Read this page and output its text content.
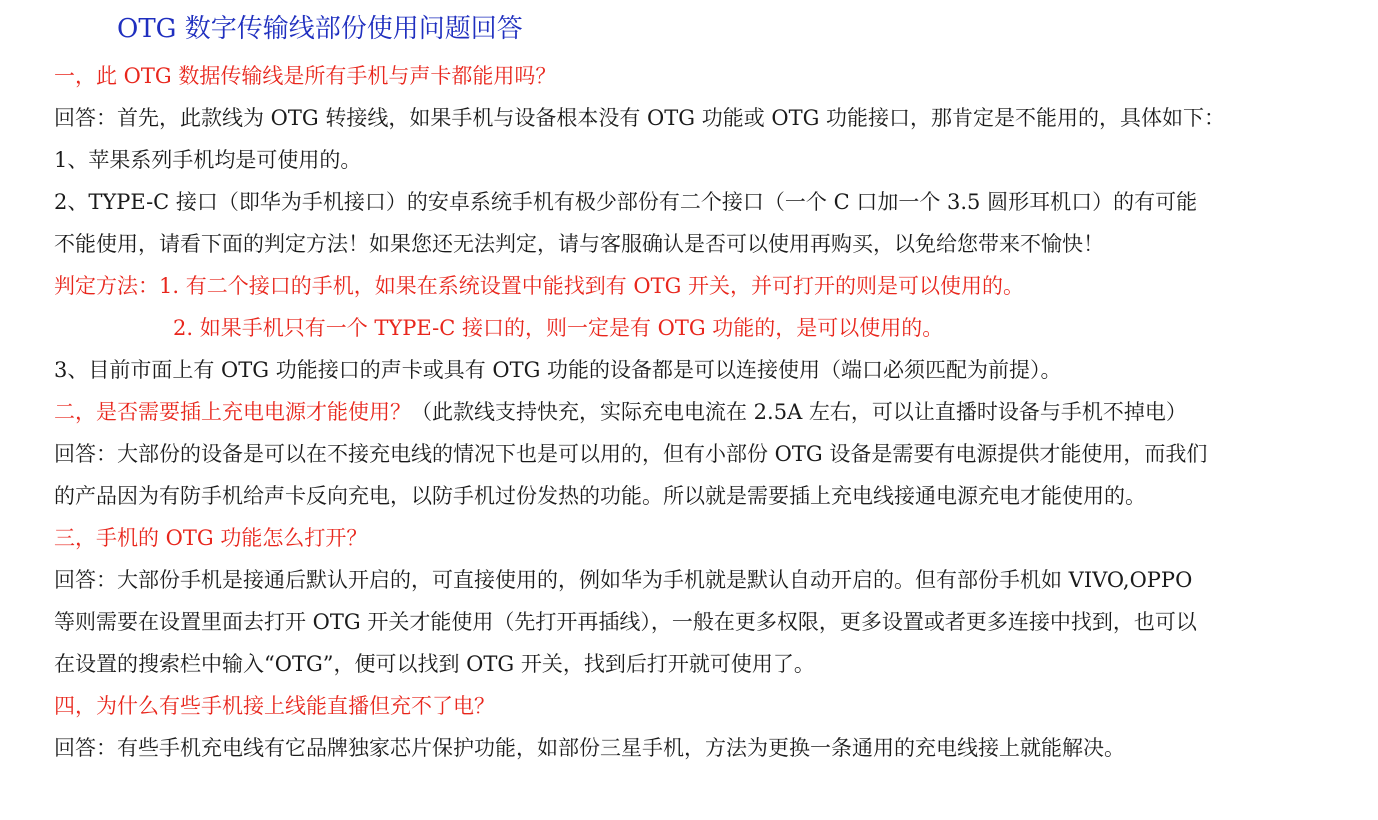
OTG 数字传输线部份使用问题回答
一，此 OTG 数据传输线是所有手机与声卡都能用吗？
回答：首先，此款线为 OTG 转接线，如果手机与设备根本没有 OTG 功能或 OTG 功能接口，那肯定是不能用的，具体如下：
1、苹果系列手机均是可使用的。
2、TYPE-C 接口（即华为手机接口）的安卓系统手机有极少部份有二个接口（一个 C 口加一个 3.5 圆形耳机口）的有可能
不能使用，请看下面的判定方法！如果您还无法判定，请与客服确认是否可以使用再购买，以免给您带来不愉快！
判定方法：1. 有二个接口的手机，如果在系统设置中能找到有 OTG 开关，并可打开的则是可以使用的。
2. 如果手机只有一个 TYPE-C 接口的，则一定是有 OTG 功能的，是可以使用的。
3、目前市面上有 OTG 功能接口的声卡或具有 OTG 功能的设备都是可以连接使用（端口必须匹配为前提）。
二，是否需要插上充电电源才能使用？（此款线支持快充，实际充电电流在 2.5A 左右，可以让直播时设备与手机不掉电）
回答：大部份的设备是可以在不接充电线的情况下也是可以用的，但有小部份 OTG 设备是需要有电源提供才能使用，而我们
的产品因为有防手机给声卡反向充电，以防手机过份发热的功能。所以就是需要插上充电线接通电源充电才能使用的。
三，手机的 OTG 功能怎么打开？
回答：大部份手机是接通后默认开启的，可直接使用的，例如华为手机就是默认自动开启的。但有部份手机如 VIVO,OPPO
等则需要在设置里面去打开 OTG 开关才能使用（先打开再插线），一般在更多权限，更多设置或者更多连接中找到，也可以
在设置的搜索栏中输入“OTG”，便可以找到 OTG 开关，找到后打开就可使用了。
四，为什么有些手机接上线能直播但充不了电？
回答：有些手机充电线有它品牌独家芯片保护功能，如部份三星手机，方法为更换一条通用的充电线接上就能解决。
